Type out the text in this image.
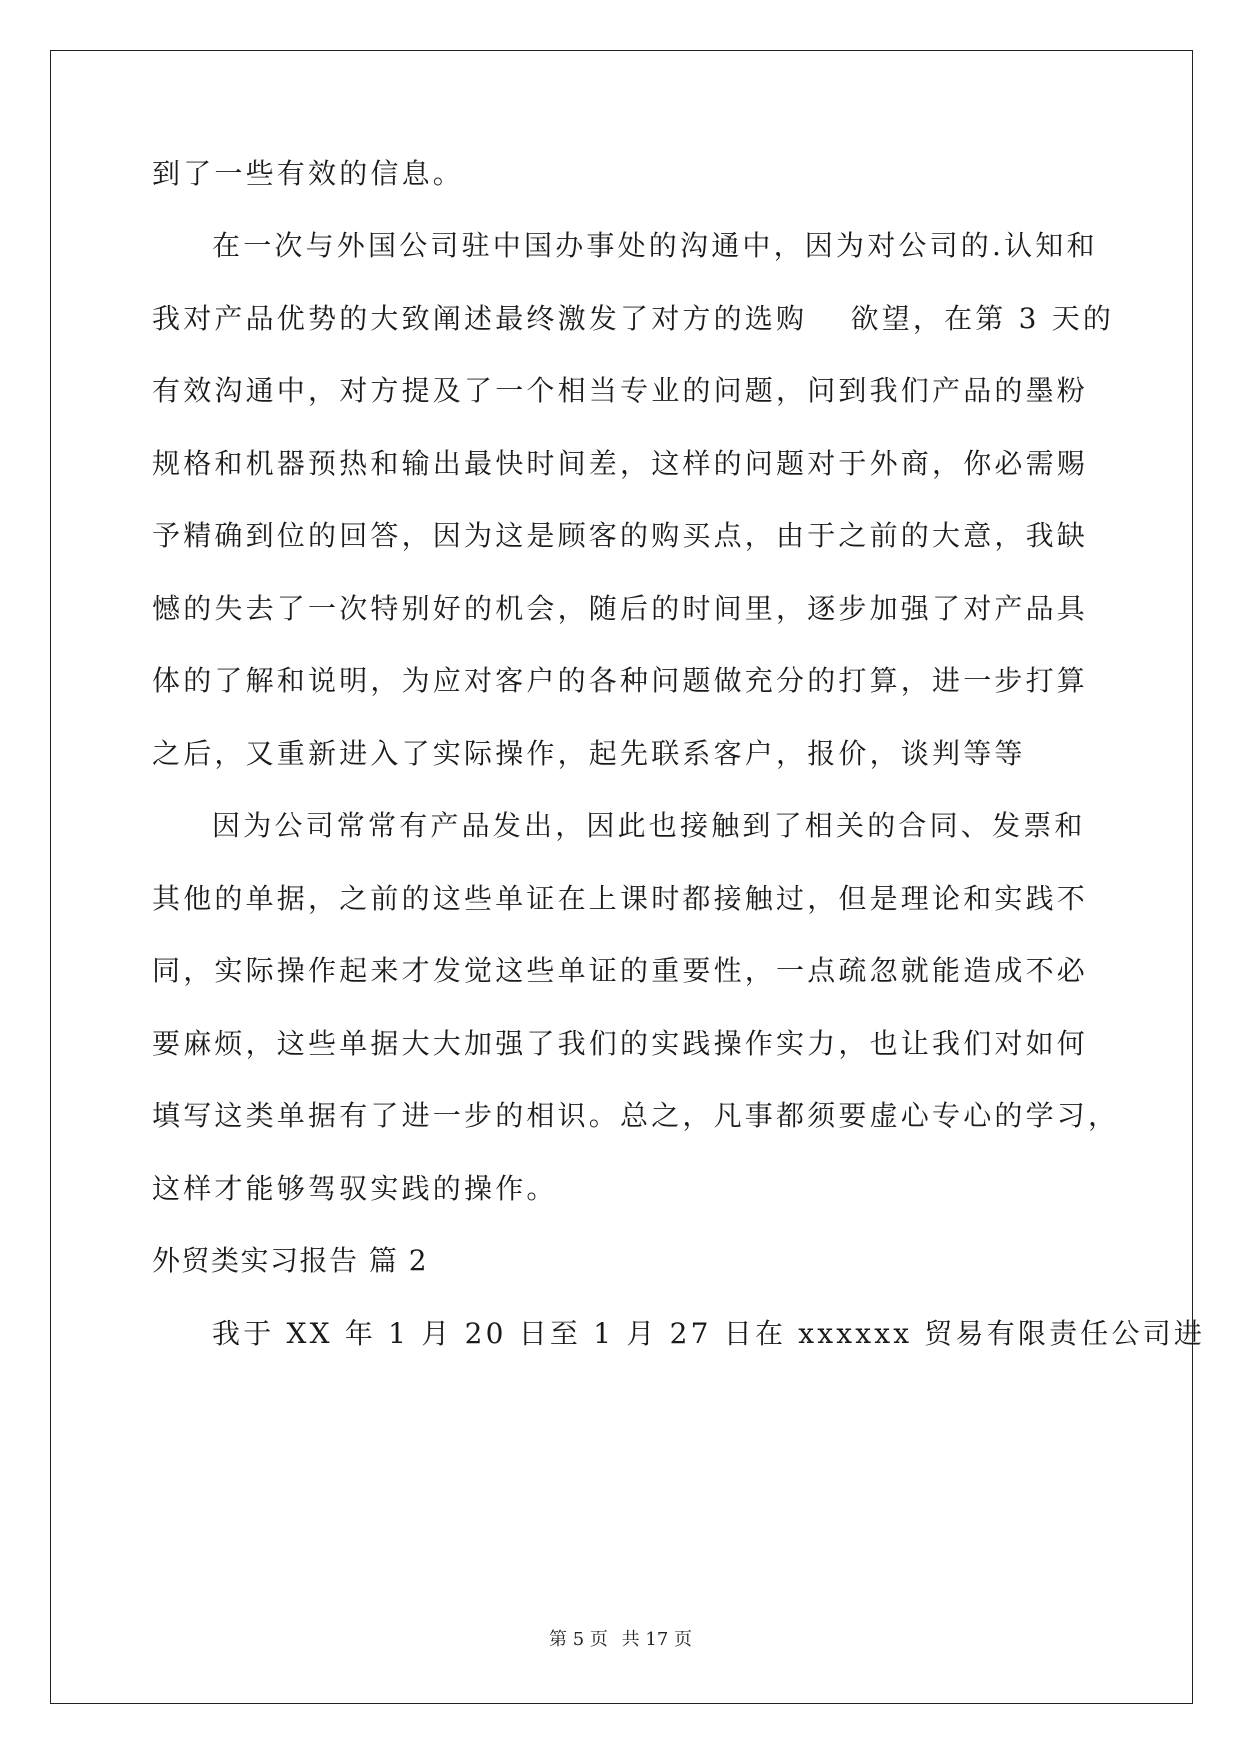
到了一些有效的信息。
在一次与外国公司驻中国办事处的沟通中，因为对公司的.认知和
我对产品优势的大致阐述最终激发了对方的选购　 欲望，在第 3 天的
有效沟通中，对方提及了一个相当专业的问题，问到我们产品的墨粉
规格和机器预热和输出最快时间差，这样的问题对于外商，你必需赐
予精确到位的回答，因为这是顾客的购买点，由于之前的大意，我缺
憾的失去了一次特别好的机会，随后的时间里，逐步加强了对产品具
体的了解和说明，为应对客户的各种问题做充分的打算，进一步打算
之后，又重新进入了实际操作，起先联系客户，报价，谈判等等
因为公司常常有产品发出，因此也接触到了相关的合同、发票和
其他的单据，之前的这些单证在上课时都接触过，但是理论和实践不
同，实际操作起来才发觉这些单证的重要性，一点疏忽就能造成不必
要麻烦，这些单据大大加强了我们的实践操作实力，也让我们对如何
填写这类单据有了进一步的相识。总之，凡事都须要虚心专心的学习，
这样才能够驾驭实践的操作。
外贸类实习报告 篇 2
我于 XX 年 1 月 20 日至 1 月 27 日在 xxxxxx 贸易有限责任公司进
第 5 页 共 17 页
